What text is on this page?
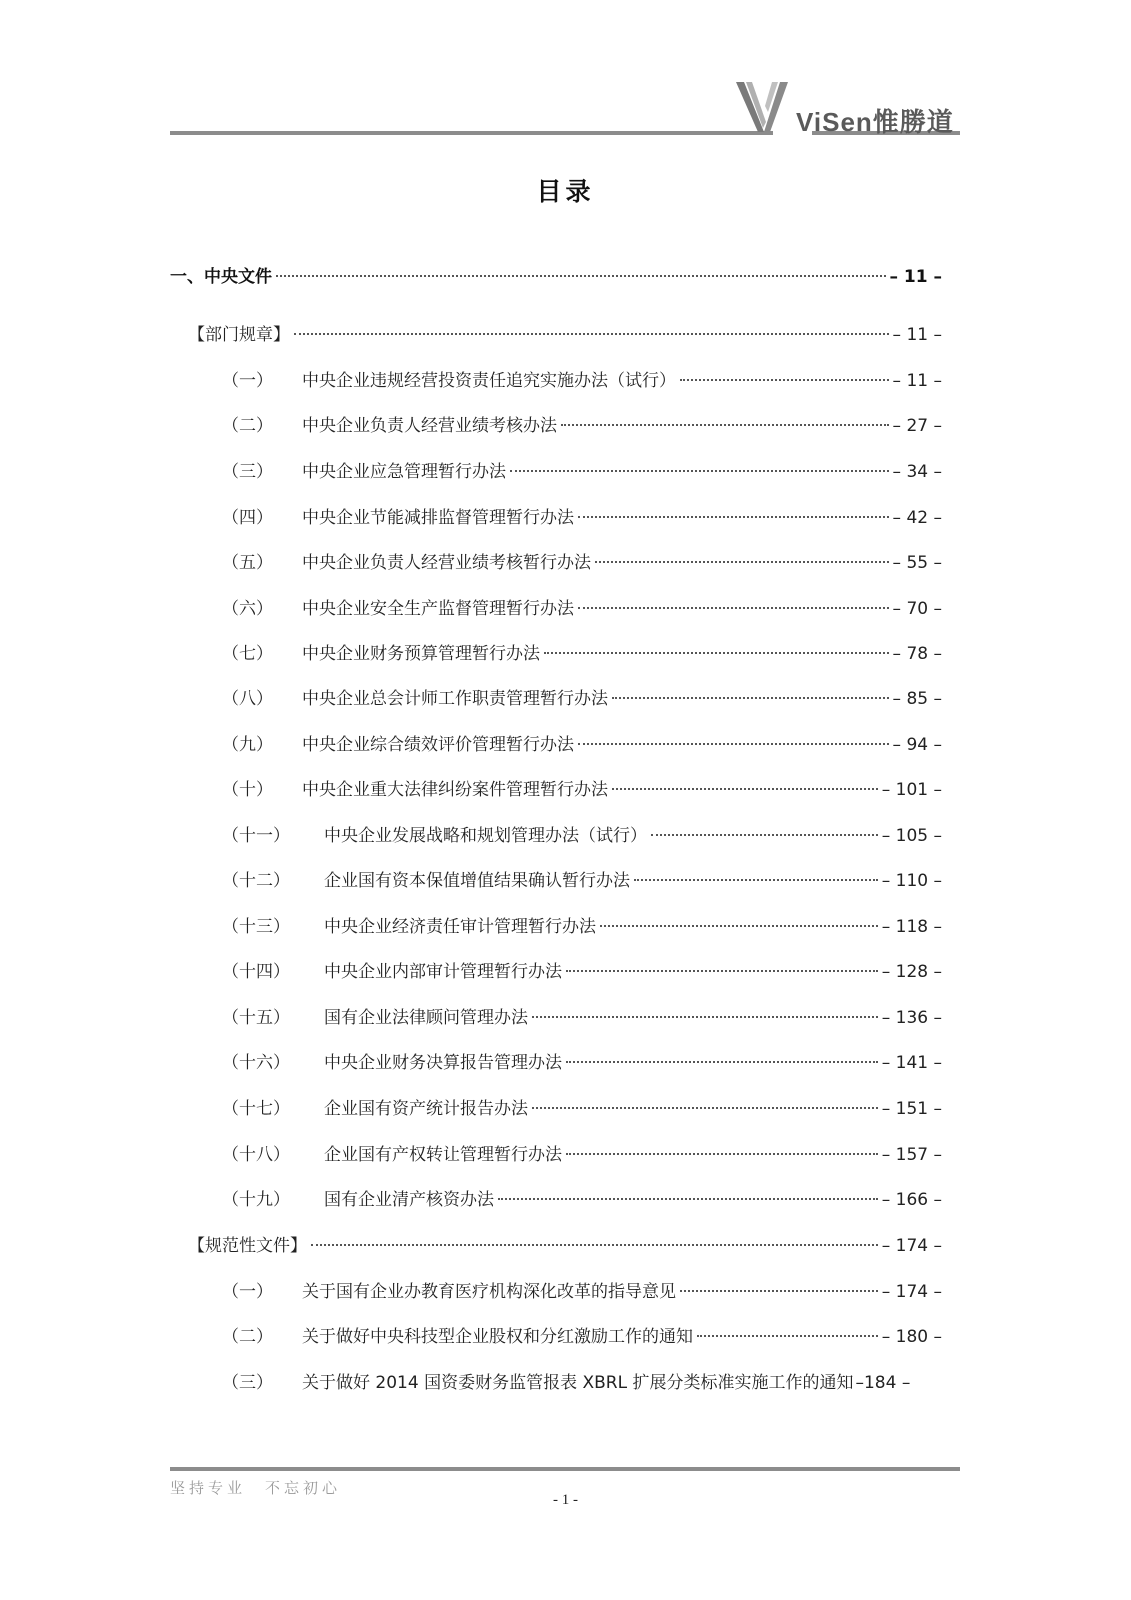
ViSen惟勝道
目录
一、中央文件	– 11 –
【部门规章】	– 11 –
（一）	中央企业违规经营投资责任追究实施办法（试行）	– 11 –
（二）	中央企业负责人经营业绩考核办法	– 27 –
（三）	中央企业应急管理暂行办法	– 34 –
（四）	中央企业节能减排监督管理暂行办法	– 42 –
（五）	中央企业负责人经营业绩考核暂行办法	– 55 –
（六）	中央企业安全生产监督管理暂行办法	– 70 –
（七）	中央企业财务预算管理暂行办法	– 78 –
（八）	中央企业总会计师工作职责管理暂行办法	– 85 –
（九）	中央企业综合绩效评价管理暂行办法	– 94 –
（十）	中央企业重大法律纠纷案件管理暂行办法	– 101 –
（十一）	中央企业发展战略和规划管理办法（试行）	– 105 –
（十二）	企业国有资本保值增值结果确认暂行办法	– 110 –
（十三）	中央企业经济责任审计管理暂行办法	– 118 –
（十四）	中央企业内部审计管理暂行办法	– 128 –
（十五）	国有企业法律顾问管理办法	– 136 –
（十六）	中央企业财务决算报告管理办法	– 141 –
（十七）	企业国有资产统计报告办法	– 151 –
（十八）	企业国有产权转让管理暂行办法	– 157 –
（十九）	国有企业清产核资办法	– 166 –
【规范性文件】	– 174 –
（一）	关于国有企业办教育医疗机构深化改革的指导意见	– 174 –
（二）	关于做好中央科技型企业股权和分红激励工作的通知	– 180 –
（三）	关于做好 2014 国资委财务监管报表 XBRL 扩展分类标准实施工作的通知 –184 –
坚持专业　不忘初心
- 1 -
